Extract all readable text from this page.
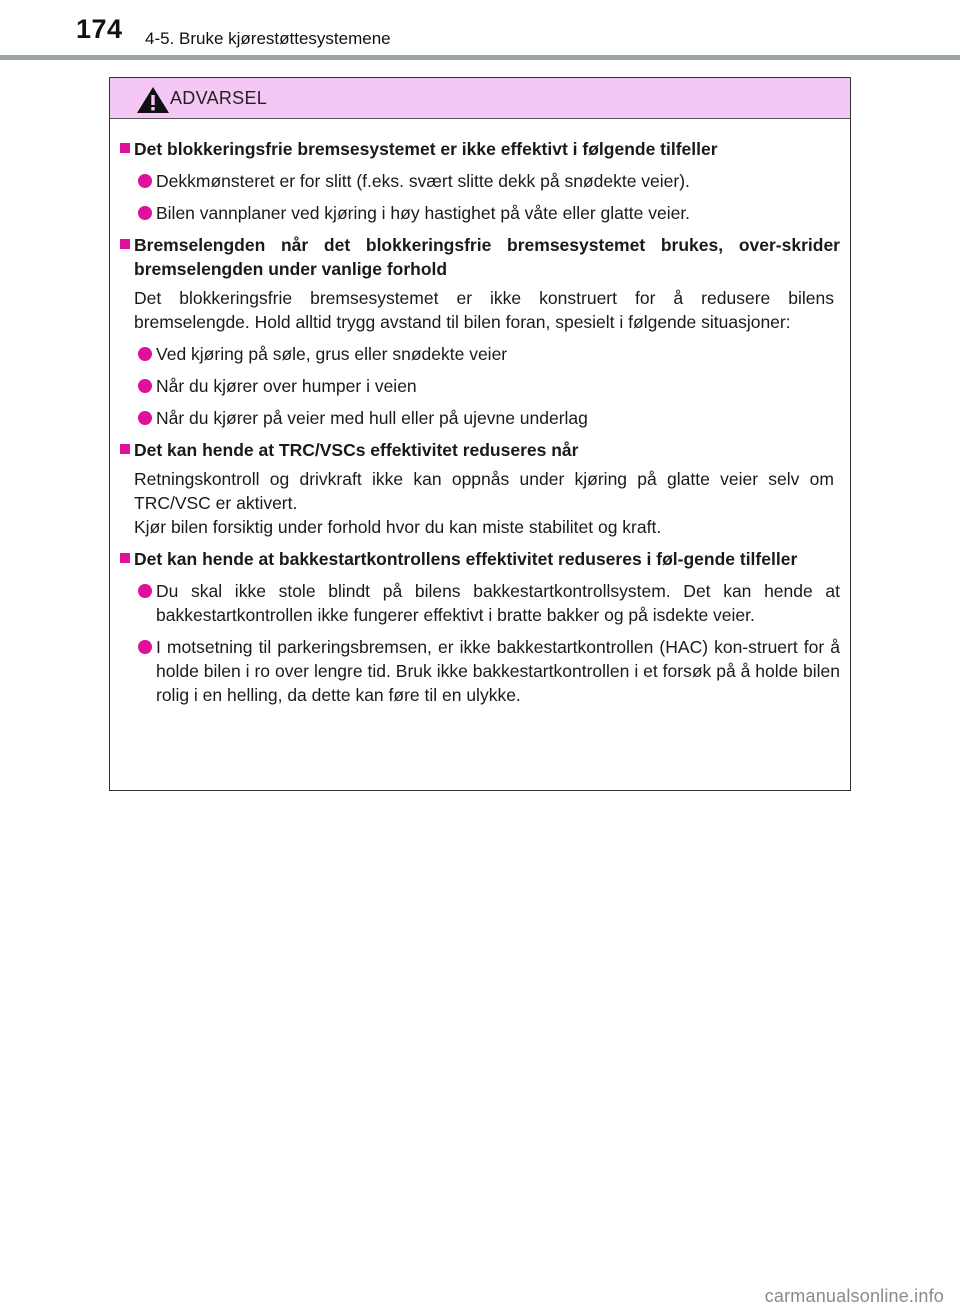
174 4-5. Bruke kjørestøttesystemene
ADVARSEL
Det blokkeringsfrie bremsesystemet er ikke effektivt i følgende tilfeller
Dekkmønsteret er for slitt (f.eks. svært slitte dekk på snødekte veier).
Bilen vannplaner ved kjøring i høy hastighet på våte eller glatte veier.
Bremselengden når det blokkeringsfrie bremsesystemet brukes, over-skrider bremselengden under vanlige forhold
Det blokkeringsfrie bremsesystemet er ikke konstruert for å redusere bilens bremselengde. Hold alltid trygg avstand til bilen foran, spesielt i følgende situasjoner:
Ved kjøring på søle, grus eller snødekte veier
Når du kjører over humper i veien
Når du kjører på veier med hull eller på ujevne underlag
Det kan hende at TRC/VSCs effektivitet reduseres når
Retningskontroll og drivkraft ikke kan oppnås under kjøring på glatte veier selv om TRC/VSC er aktivert.
Kjør bilen forsiktig under forhold hvor du kan miste stabilitet og kraft.
Det kan hende at bakkestartkontrollens effektivitet reduseres i føl-gende tilfeller
Du skal ikke stole blindt på bilens bakkestartkontrollsystem. Det kan hende at bakkestartkontrollen ikke fungerer effektivt i bratte bakker og på isdekte veier.
I motsetning til parkeringsbremsen, er ikke bakkestartkontrollen (HAC) kon-struert for å holde bilen i ro over lengre tid. Bruk ikke bakkestartkontrollen i et forsøk på å holde bilen rolig i en helling, da dette kan føre til en ulykke.
carmanualsonline.info
